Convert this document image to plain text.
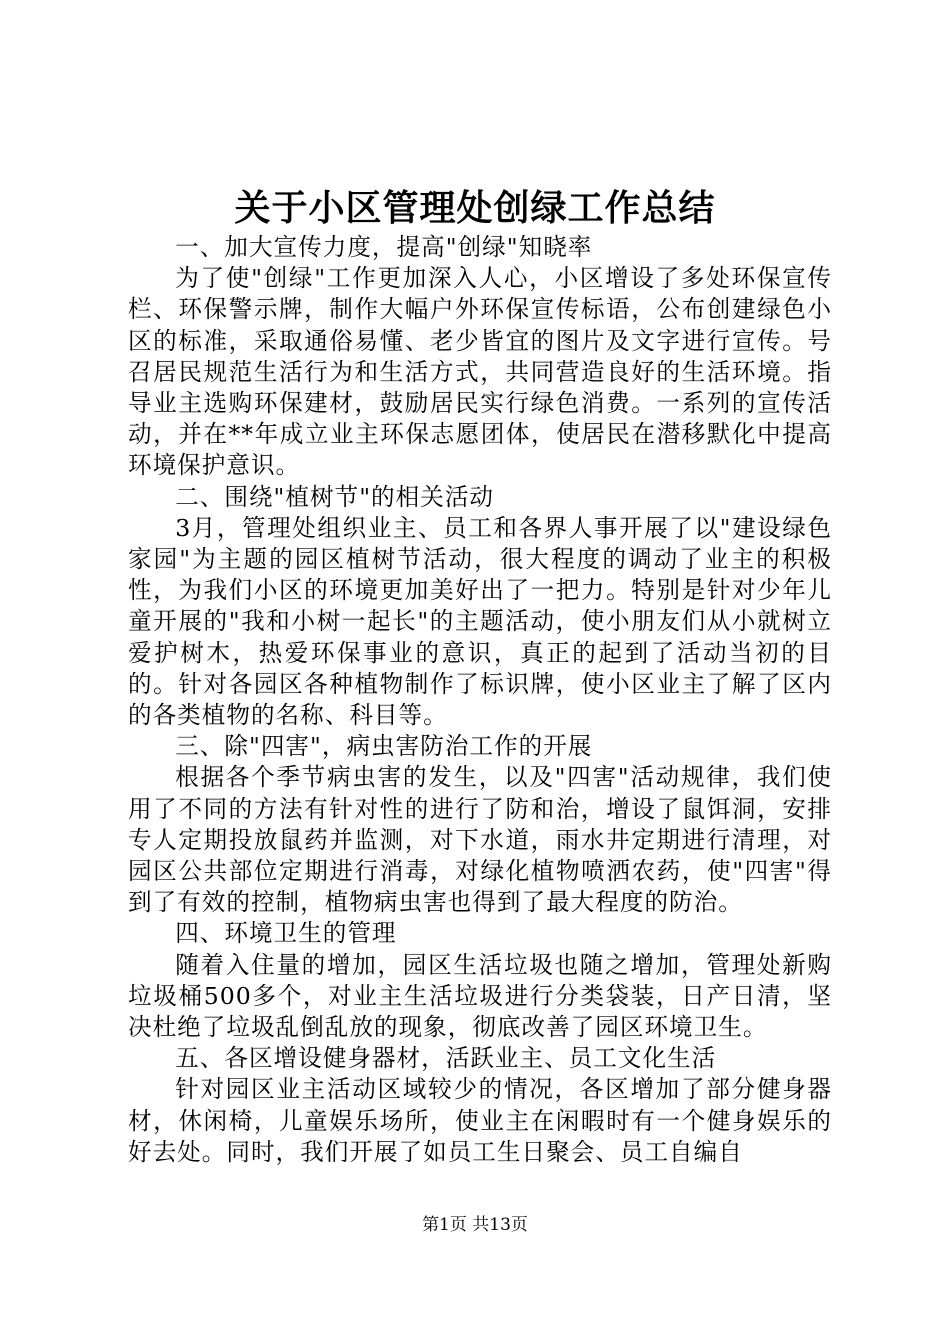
关于小区管理处创绿工作总结

一、加大宣传力度，提高"创绿"知晓率

为了使"创绿"工作更加深入人心，小区增设了多处环保宣传栏、环保警示牌，制作大幅户外环保宣传标语，公布创建绿色小区的标准，采取通俗易懂、老少皆宜的图片及文字进行宣传。号召居民规范生活行为和生活方式，共同营造良好的生活环境。指导业主选购环保建材，鼓励居民实行绿色消费。一系列的宣传活动，并在**年成立业主环保志愿团体，使居民在潜移默化中提高环境保护意识。

二、围绕"植树节"的相关活动

3月，管理处组织业主、员工和各界人事开展了以"建设绿色家园"为主题的园区植树节活动，很大程度的调动了业主的积极性，为我们小区的环境更加美好出了一把力。特别是针对少年儿童开展的"我和小树一起长"的主题活动，使小朋友们从小就树立爱护树木，热爱环保事业的意识，真正的起到了活动当初的目的。针对各园区各种植物制作了标识牌，使小区业主了解了区内的各类植物的名称、科目等。

三、除"四害"，病虫害防治工作的开展

根据各个季节病虫害的发生，以及"四害"活动规律，我们使用了不同的方法有针对性的进行了防和治，增设了鼠饵洞，安排专人定期投放鼠药并监测，对下水道，雨水井定期进行清理，对园区公共部位定期进行消毒，对绿化植物喷洒农药，使"四害"得到了有效的控制，植物病虫害也得到了最大程度的防治。

四、环境卫生的管理

随着入住量的增加，园区生活垃圾也随之增加，管理处新购垃圾桶500多个，对业主生活垃圾进行分类袋装，日产日清，坚决杜绝了垃圾乱倒乱放的现象，彻底改善了园区环境卫生。

五、各区增设健身器材，活跃业主、员工文化生活

针对园区业主活动区域较少的情况，各区增加了部分健身器材，休闲椅，儿童娱乐场所，使业主在闲暇时有一个健身娱乐的好去处。同时，我们开展了如员工生日聚会、员工自编自

第1页 共13页
